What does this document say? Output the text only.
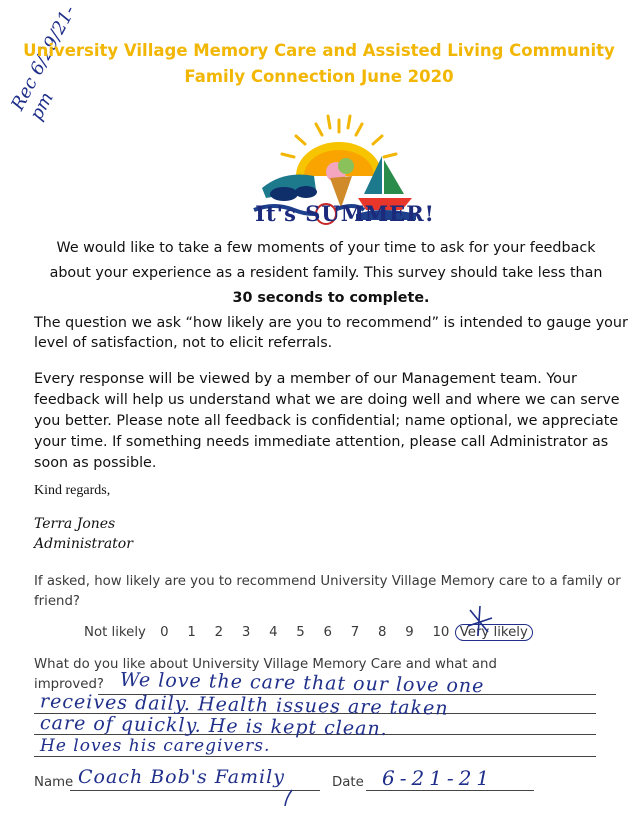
Rec 6/29/21-pm
University Village Memory Care and Assisted Living Community
Family Connection June 2020
It's SUMMER!
We would like to take a few moments of your time to ask for your feedback
about your experience as a resident family. This survey should take less than
30 seconds to complete.
The question we ask “how likely are you to recommend” is intended to gauge your
level of satisfaction, not to elicit referrals.
Every response will be viewed by a member of our Management team. Your
feedback will help us understand what we are doing well and where we can serve
you better. Please note all feedback is confidential; name optional, we appreciate
your time. If something needs immediate attention, please call Administrator as
soon as possible.
Kind regards,
Terra Jones
Administrator
If asked, how likely are you to recommend University Village Memory care to a family or
friend?
Not likely 0 1 2 3 4 5 6 7 8 9 10 Very likely
What do you like about University Village Memory Care and what and
improved? We love the care that our love one
receives daily. Health issues are taken
care of quickly. He is kept clean.
He loves his caregivers.
Name Coach Bob's Family	Date 6-21-21
